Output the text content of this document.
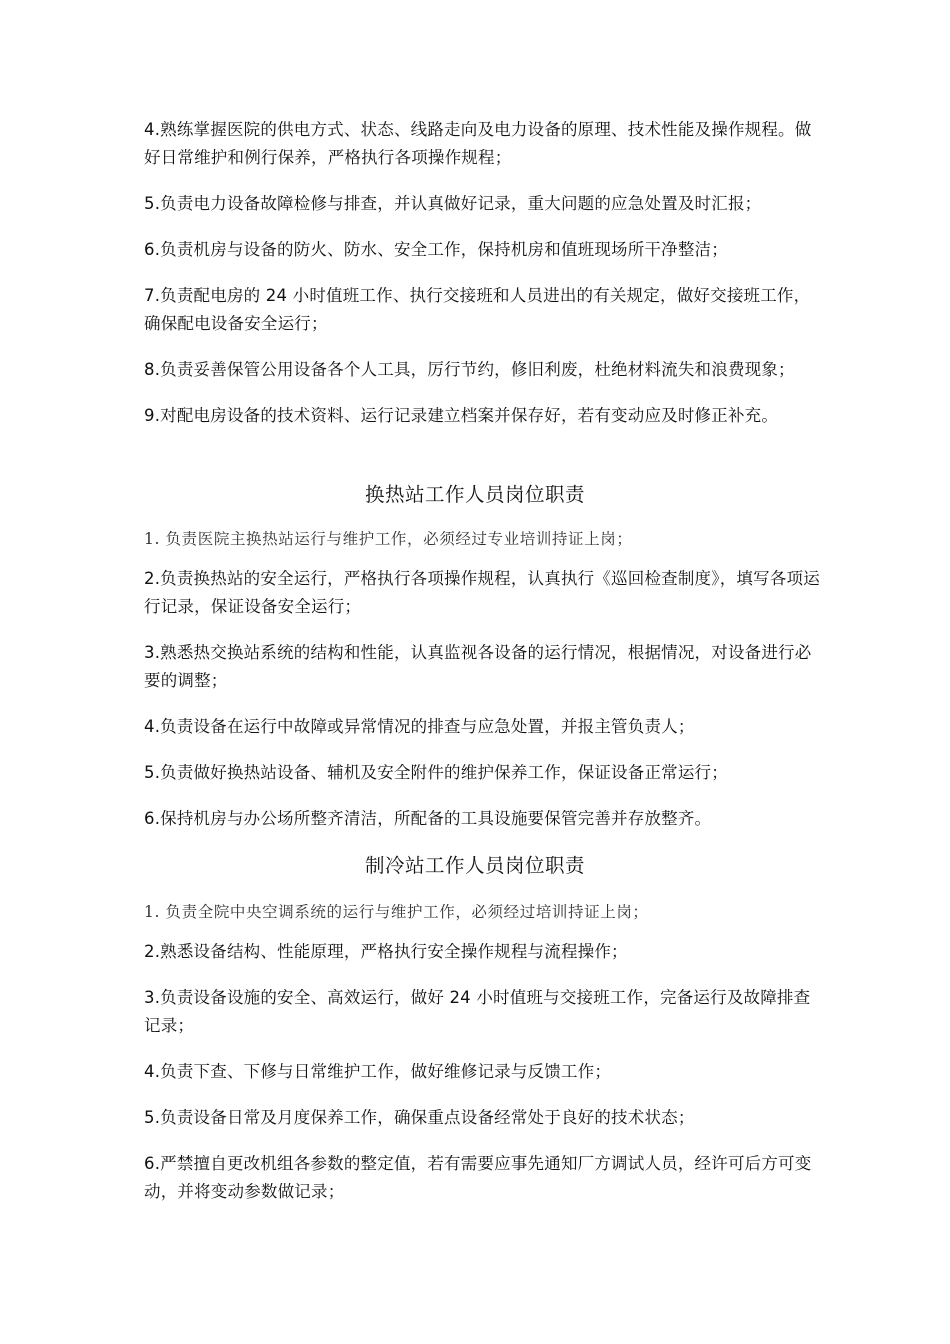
4.熟练掌握医院的供电方式、状态、线路走向及电力设备的原理、技术性能及操作规程。做好日常维护和例行保养，严格执行各项操作规程；

5.负责电力设备故障检修与排查，并认真做好记录，重大问题的应急处置及时汇报；

6.负责机房与设备的防火、防水、安全工作，保持机房和值班现场所干净整洁；

7.负责配电房的 24 小时值班工作、执行交接班和人员进出的有关规定，做好交接班工作，确保配电设备安全运行；

8.负责妥善保管公用设备各个人工具，厉行节约，修旧利废，杜绝材料流失和浪费现象；

9.对配电房设备的技术资料、运行记录建立档案并保存好，若有变动应及时修正补充。

换热站工作人员岗位职责

1. 负责医院主换热站运行与维护工作，必须经过专业培训持证上岗；

2.负责换热站的安全运行，严格执行各项操作规程，认真执行《巡回检查制度》，填写各项运行记录，保证设备安全运行；

3.熟悉热交换站系统的结构和性能，认真监视各设备的运行情况，根据情况，对设备进行必要的调整；

4.负责设备在运行中故障或异常情况的排查与应急处置，并报主管负责人；

5.负责做好换热站设备、辅机及安全附件的维护保养工作，保证设备正常运行；

6.保持机房与办公场所整齐清洁，所配备的工具设施要保管完善并存放整齐。

制冷站工作人员岗位职责

1. 负责全院中央空调系统的运行与维护工作，必须经过培训持证上岗；

2.熟悉设备结构、性能原理，严格执行安全操作规程与流程操作；

3.负责设备设施的安全、高效运行，做好 24 小时值班与交接班工作，完备运行及故障排查记录；

4.负责下查、下修与日常维护工作，做好维修记录与反馈工作；

5.负责设备日常及月度保养工作，确保重点设备经常处于良好的技术状态；

6.严禁擅自更改机组各参数的整定值，若有需要应事先通知厂方调试人员，经许可后方可变动，并将变动参数做记录；
